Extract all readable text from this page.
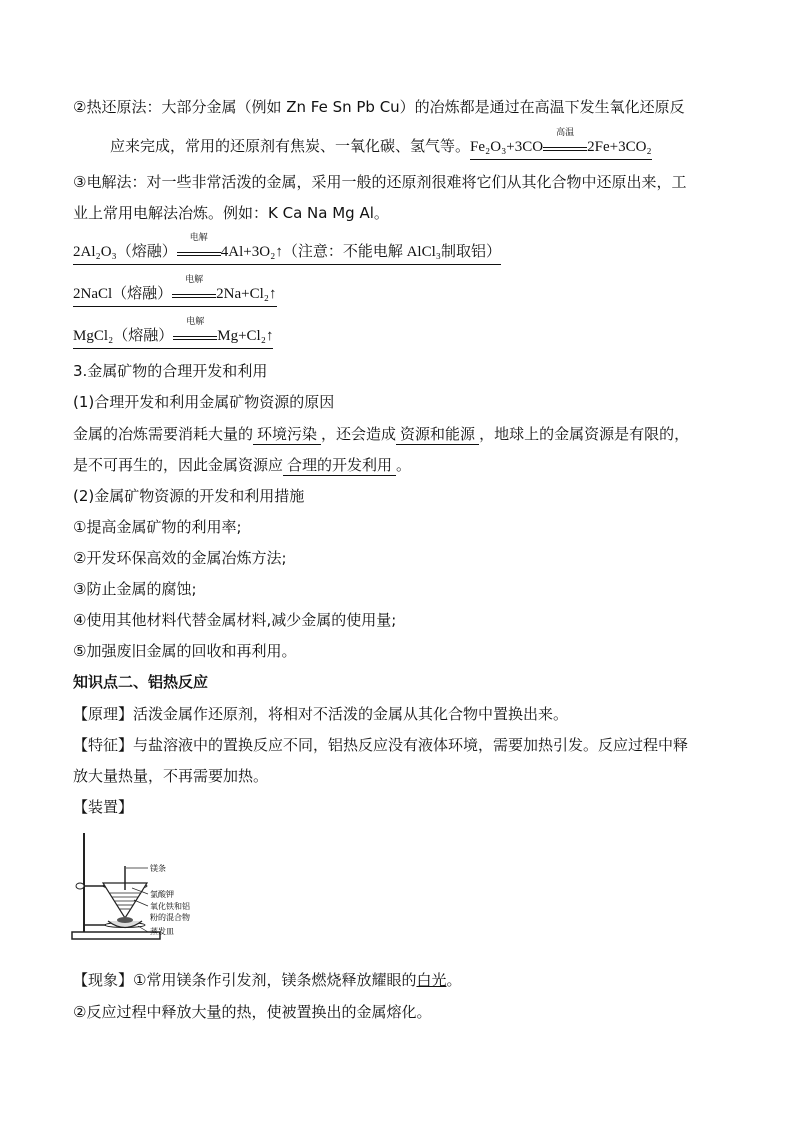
②热还原法：大部分金属（例如 Zn Fe Sn Pb Cu）的冶炼都是通过在高温下发生氧化还原反
应来完成，常用的还原剂有焦炭、一氧化碳、氢气等。Fe₂O₃+3CO
高温
2Fe+3CO₂
③电解法：对一些非常活泼的金属，采用一般的还原剂很难将它们从其化合物中还原出来，工
业上常用电解法冶炼。例如：K Ca Na Mg Al。
2Al₂O₃（熔融）
电解
4Al+3O₂↑（注意：不能电解 AlCl₃制取铝）
2NaCl（熔融）
电解
2Na+Cl₂↑
MgCl₂（熔融）
电解
Mg+Cl₂↑
3.金属矿物的合理开发和利用
(1)合理开发和利用金属矿物资源的原因
金属的冶炼需要消耗大量的 环境污染 ，还会造成 资源和能源 ，地球上的金属资源是有限的，
是不可再生的，因此金属资源应 合理的开发利用 。
(2)金属矿物资源的开发和利用措施
①提高金属矿物的利用率;
②开发环保高效的金属冶炼方法;
③防止金属的腐蚀;
④使用其他材料代替金属材料,减少金属的使用量;
⑤加强废旧金属的回收和再利用。
知识点二、铝热反应
【原理】活泼金属作还原剂，将相对不活泼的金属从其化合物中置换出来。
【特征】与盐溶液中的置换反应不同，铝热反应没有液体环境，需要加热引发。反应过程中释
放大量热量，不再需要加热。
【装置】
镁条
氯酸钾
氧化铁和铝
粉的混合物
蒸发皿
【现象】①常用镁条作引发剂，镁条燃烧释放耀眼的白光。
②反应过程中释放大量的热，使被置换出的金属熔化。
